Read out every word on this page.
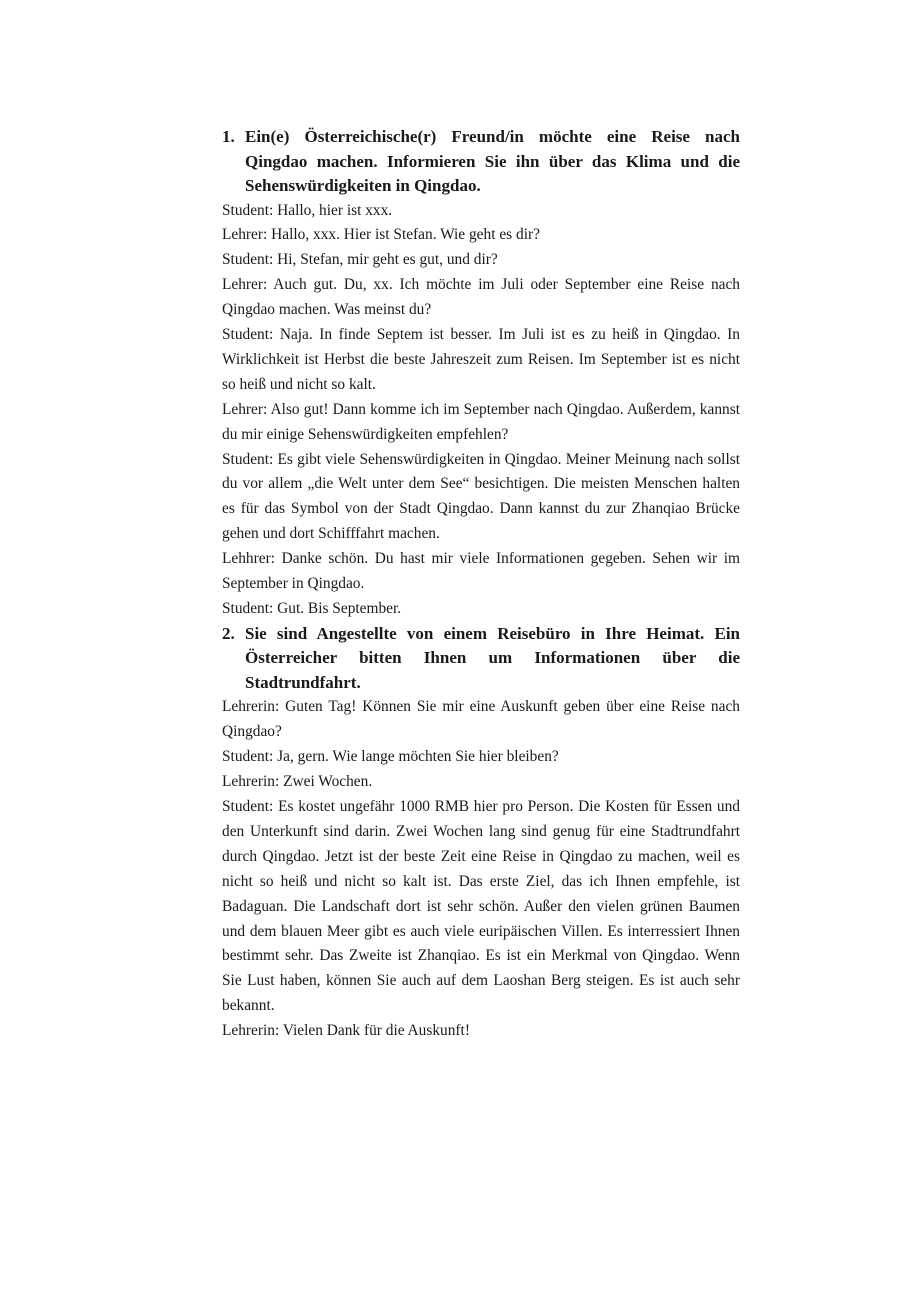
1. Ein(e) Österreichische(r) Freund/in möchte eine Reise nach Qingdao machen. Informieren Sie ihn über das Klima und die Sehenswürdigkeiten in Qingdao.

Student: Hallo, hier ist xxx.

Lehrer: Hallo, xxx. Hier ist Stefan. Wie geht es dir?

Student: Hi, Stefan, mir geht es gut, und dir?

Lehrer: Auch gut. Du, xx. Ich möchte im Juli oder September eine Reise nach Qingdao machen. Was meinst du?

Student: Naja. In finde Septem ist besser. Im Juli ist es zu heiß in Qingdao. In Wirklichkeit ist Herbst die beste Jahreszeit zum Reisen. Im September ist es nicht so heiß und nicht so kalt.

Lehrer: Also gut! Dann komme ich im September nach Qingdao. Außerdem, kannst du mir einige Sehenswürdigkeiten empfehlen?

Student: Es gibt viele Sehenswürdigkeiten in Qingdao. Meiner Meinung nach sollst du vor allem „die Welt unter dem See“ besichtigen. Die meisten Menschen halten es für das Symbol von der Stadt Qingdao. Dann kannst du zur Zhanqiao Brücke gehen und dort Schifffahrt machen.

Lehhrer: Danke schön. Du hast mir viele Informationen gegeben. Sehen wir im September in Qingdao.

Student: Gut. Bis September.

2. Sie sind Angestellte von einem Reisebüro in Ihre Heimat. Ein Österreicher bitten Ihnen um Informationen über die Stadtrundfahrt.

Lehrerin: Guten Tag! Können Sie mir eine Auskunft geben über eine Reise nach Qingdao?

Student: Ja, gern. Wie lange möchten Sie hier bleiben?

Lehrerin: Zwei Wochen.

Student: Es kostet ungefähr 1000 RMB hier pro Person. Die Kosten für Essen und den Unterkunft sind darin. Zwei Wochen lang sind genug für eine Stadtrundfahrt durch Qingdao. Jetzt ist der beste Zeit eine Reise in Qingdao zu machen, weil es nicht so heiß und nicht so kalt ist. Das erste Ziel, das ich Ihnen empfehle, ist Badaguan. Die Landschaft dort ist sehr schön. Außer den vielen grünen Baumen und dem blauen Meer gibt es auch viele euripäischen Villen. Es interressiert Ihnen bestimmt sehr. Das Zweite ist Zhanqiao. Es ist ein Merkmal von Qingdao. Wenn Sie Lust haben, können Sie auch auf dem Laoshan Berg steigen. Es ist auch sehr bekannt.

Lehrerin: Vielen Dank für die Auskunft!
